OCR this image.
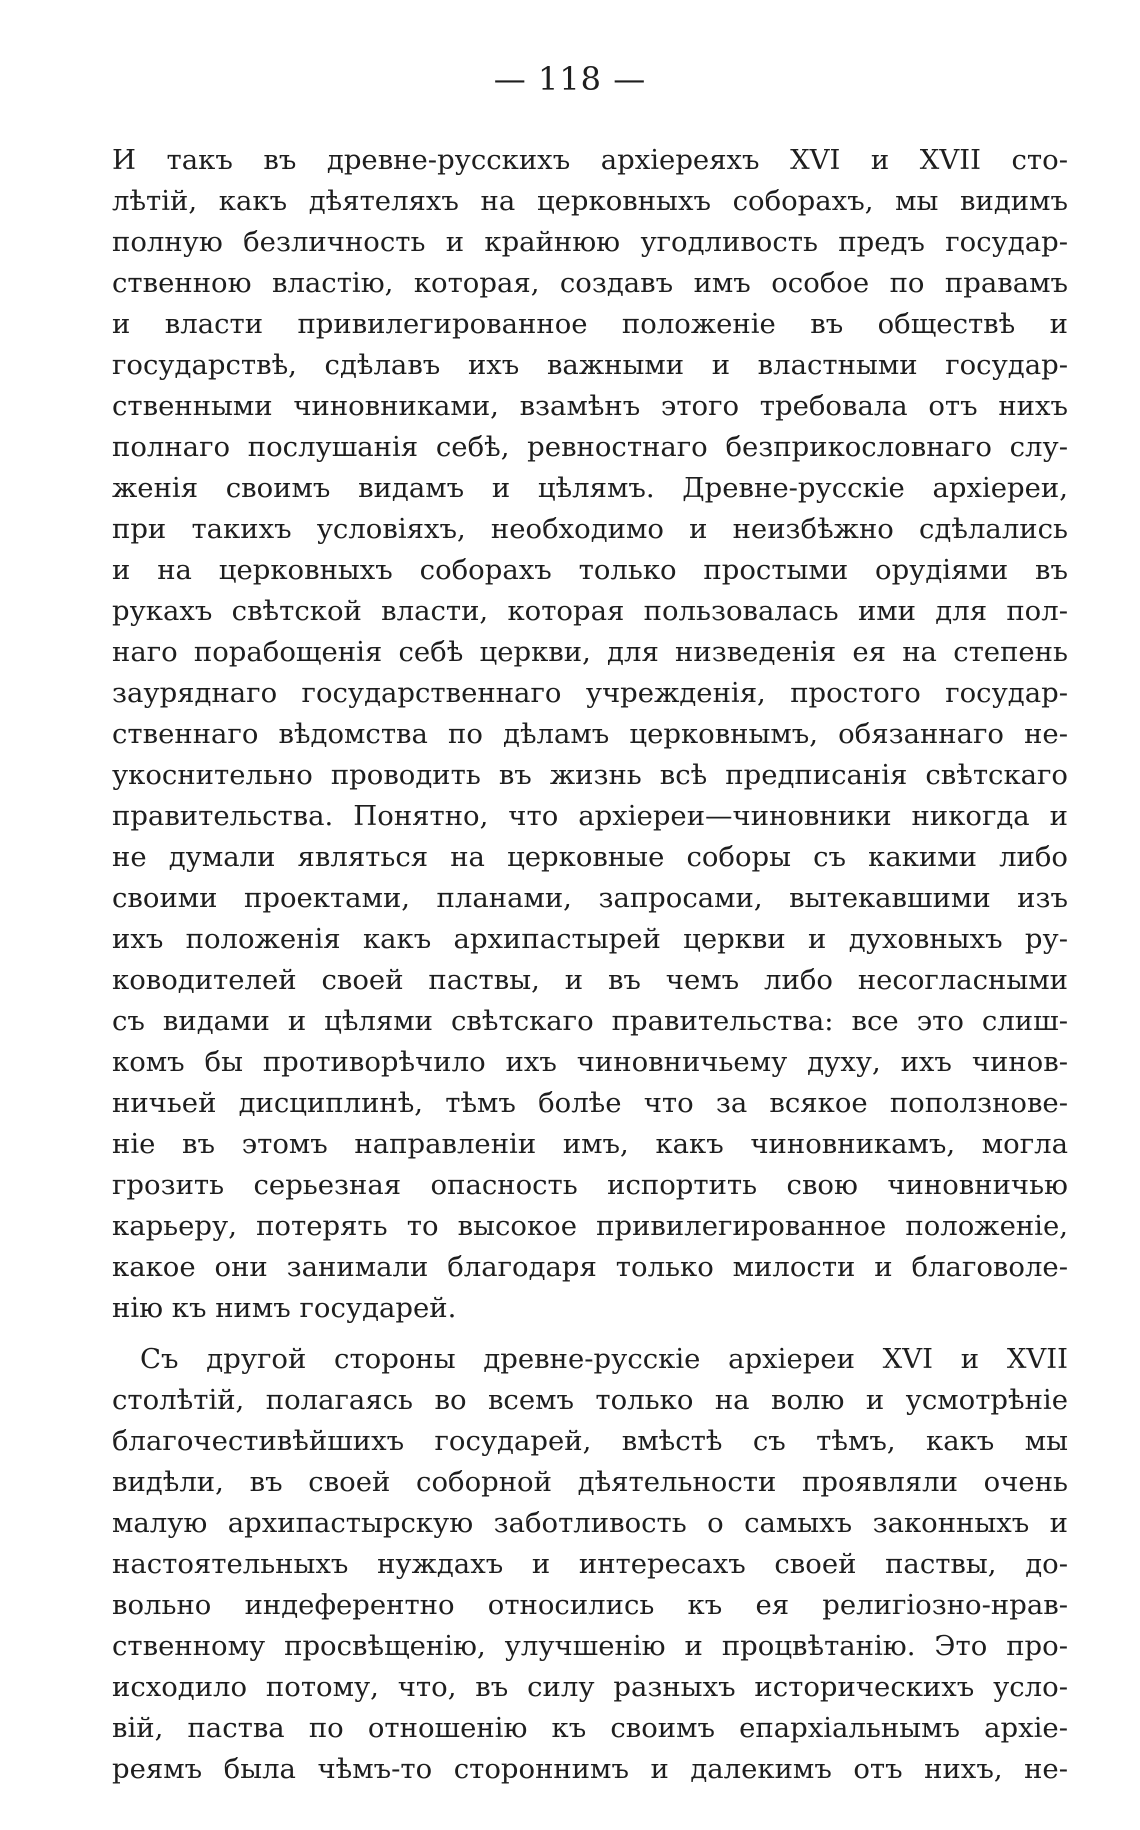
— 118 —
И такъ въ древне-русскихъ архіереяхъ XVI и XVII сто-
лѣтій, какъ дѣятеляхъ на церковныхъ соборахъ, мы видимъ
полную безличность и крайнюю угодливость предъ государ-
ственною властію, которая, создавъ имъ особое по правамъ
и власти привилегированное положеніе въ обществѣ и
государствѣ, сдѣлавъ ихъ важными и властными государ-
ственными чиновниками, взамѣнъ этого требовала отъ нихъ
полнаго послушанія себѣ, ревностнаго безприкословнаго слу-
женія своимъ видамъ и цѣлямъ. Древне-русскіе архіереи,
при такихъ условіяхъ, необходимо и неизбѣжно сдѣлались
и на церковныхъ соборахъ только простыми орудіями въ
рукахъ свѣтской власти, которая пользовалась ими для пол-
наго порабощенія себѣ церкви, для низведенія ея на степень
зауряднаго государственнаго учрежденія, простого государ-
ственнаго вѣдомства по дѣламъ церковнымъ, обязаннаго не-
укоснительно проводить въ жизнь всѣ предписанія свѣтскаго
правительства. Понятно, что архіереи—чиновники никогда и
не думали являться на церковные соборы съ какими либо
своими проектами, планами, запросами, вытекавшими изъ
ихъ положенія какъ архипастырей церкви и духовныхъ ру-
ководителей своей паствы, и въ чемъ либо несогласными
съ видами и цѣлями свѣтскаго правительства: все это слиш-
комъ бы противорѣчило ихъ чиновничьему духу, ихъ чинов-
ничьей дисциплинѣ, тѣмъ болѣе что за всякое поползнове-
ніе въ этомъ направленіи имъ, какъ чиновникамъ, могла
грозить серьезная опасность испортить свою чиновничью
карьеру, потерять то высокое привилегированное положеніе,
какое они занимали благодаря только милости и благоволе-
нію къ нимъ государей.
Съ другой стороны древне-русскіе архіереи XVI и XVII
столѣтій, полагаясь во всемъ только на волю и усмотрѣніе
благочестивѣйшихъ государей, вмѣстѣ съ тѣмъ, какъ мы
видѣли, въ своей соборной дѣятельности проявляли очень
малую архипастырскую заботливость о самыхъ законныхъ и
настоятельныхъ нуждахъ и интересахъ своей паствы, до-
вольно индеферентно относились къ ея религіозно-нрав-
ственному просвѣщенію, улучшенію и процвѣтанію. Это про-
исходило потому, что, въ силу разныхъ историческихъ усло-
вій, паства по отношенію къ своимъ епархіальнымъ архіе-
реямъ была чѣмъ-то стороннимъ и далекимъ отъ нихъ, не-
